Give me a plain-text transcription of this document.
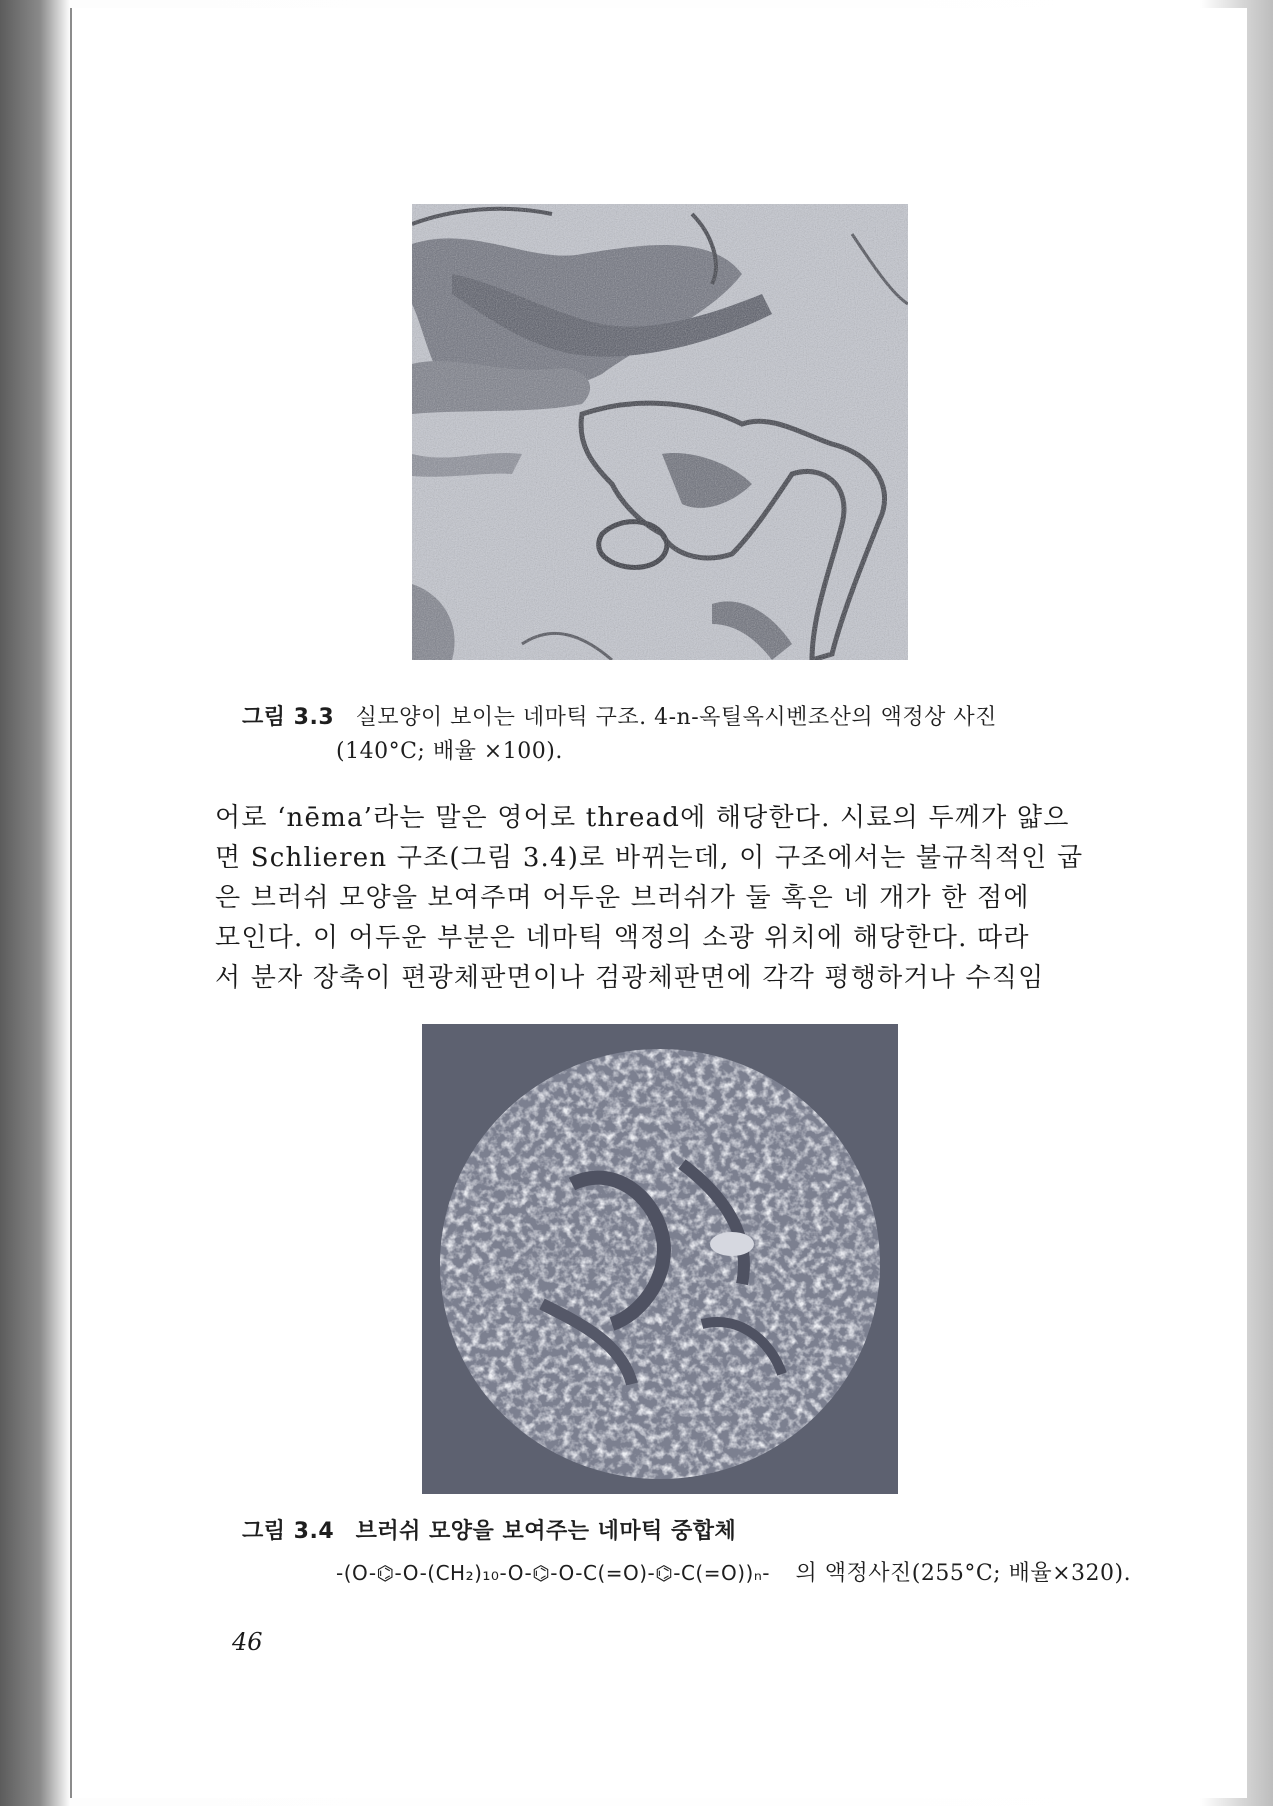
그림 3.3 실모양이 보이는 네마틱 구조. 4-n-옥틸옥시벤조산의 액정상 사진
(140°C; 배율 ×100).
어로 ‘nēma’라는 말은 영어로 thread에 해당한다. 시료의 두께가 얇으
면 Schlieren 구조(그림 3.4)로 바뀌는데, 이 구조에서는 불규칙적인 굽
은 브러쉬 모양을 보여주며 어두운 브러쉬가 둘 혹은 네 개가 한 점에
모인다. 이 어두운 부분은 네마틱 액정의 소광 위치에 해당한다. 따라
서 분자 장축이 편광체판면이나 검광체판면에 각각 평행하거나 수직임
그림 3.4 브러쉬 모양을 보여주는 네마틱 중합체
-(O-⌬-O-(CH₂)₁₀-O-⌬-O-C(=O)-⌬-C(=O))ₙ- 의 액정사진(255°C; 배율×320).
46
